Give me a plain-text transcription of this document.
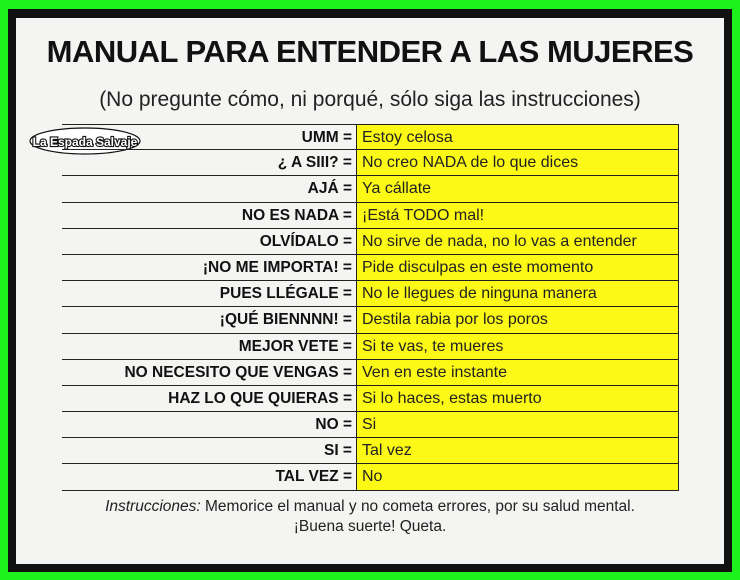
MANUAL PARA ENTENDER A LAS MUJERES
(No pregunte cómo, ni porqué, sólo siga las instrucciones)
La Espada Salvaje	UMM = Estoy celosa
¿ A SIII? = No creo NADA de lo que dices
AJÁ = Ya cállate
NO ES NADA = ¡Está TODO mal!
OLVÍDALO = No sirve de nada, no lo vas a entender
¡NO ME IMPORTA! = Pide disculpas en este momento
PUES LLÉGALE = No le llegues de ninguna manera
¡QUÉ BIENNNN! = Destila rabia por los poros
MEJOR VETE = Si te vas, te mueres
NO NECESITO QUE VENGAS = Ven en este instante
HAZ LO QUE QUIERAS = Si lo haces, estas muerto
NO = Si
SI = Tal vez
TAL VEZ = No
Instrucciones: Memorice el manual y no cometa errores, por su salud mental.
¡Buena suerte! Queta.
